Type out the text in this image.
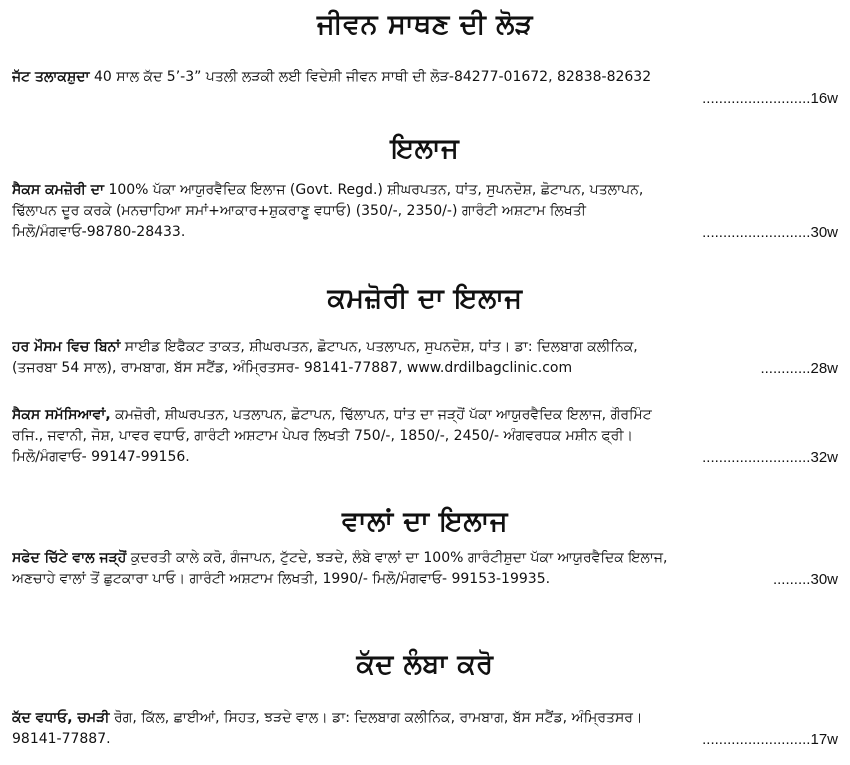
ਜੀਵਨ ਸਾਥਣ ਦੀ ਲੋੜ
ਜੱਟ ਤਲਾਕਸ਼ੁਦਾ 40 ਸਾਲ ਕੱਦ 5’-3” ਪਤਲੀ ਲੜਕੀ ਲਈ ਵਿਦੇਸ਼ੀ ਜੀਵਨ ਸਾਥੀ ਦੀ ਲੋੜ-84277-01672, 82838-82632
..........................16w
ਇਲਾਜ
ਸੈਕਸ ਕਮਜ਼ੋਰੀ ਦਾ 100% ਪੱਕਾ ਆਯੁਰਵੈਦਿਕ ਇਲਾਜ (Govt. Regd.) ਸ਼ੀਘਰਪਤਨ, ਧਾਂਤ, ਸੁਪਨਦੋਸ਼, ਛੋਟਾਪਨ, ਪਤਲਾਪਨ,
ਢਿੱਲਾਪਨ ਦੂਰ ਕਰਕੇ (ਮਨਚਾਹਿਆ ਸਮਾਂ+ਆਕਾਰ+ਸ਼ੁਕਰਾਣੂ ਵਧਾਓ) (350/-, 2350/-) ਗਾਰੰਟੀ ਅਸ਼ਟਾਮ ਲਿਖਤੀ
ਮਿਲੋ/ਮੰਗਵਾਓ-98780-28433.	..........................30w
ਕਮਜ਼ੋਰੀ ਦਾ ਇਲਾਜ
ਹਰ ਮੌਸਮ ਵਿਚ ਬਿਨਾਂ ਸਾਈਡ ਇਫੈਕਟ ਤਾਕਤ, ਸ਼ੀਘਰਪਤਨ, ਛੋਟਾਪਨ, ਪਤਲਾਪਨ, ਸੁਪਨਦੋਸ਼, ਧਾਂਤ। ਡਾ: ਦਿਲਬਾਗ ਕਲੀਨਿਕ,
(ਤਜਰਬਾ 54 ਸਾਲ), ਰਾਮਬਾਗ, ਬੱਸ ਸਟੈਂਡ, ਅੰਮ੍ਰਿਤਸਰ- 98141-77887, www.drdilbagclinic.com	............28w
ਸੈਕਸ ਸਮੱਸਿਆਵਾਂ, ਕਮਜ਼ੋਰੀ, ਸ਼ੀਘਰਪਤਨ, ਪਤਲਾਪਨ, ਛੋਟਾਪਨ, ਢਿੱਲਾਪਨ, ਧਾਂਤ ਦਾ ਜੜ੍ਹੋਂ ਪੱਕਾ ਆਯੁਰਵੈਦਿਕ ਇਲਾਜ, ਗੌਰਮਿੰਟ
ਰਜਿ., ਜਵਾਨੀ, ਜੋਸ਼, ਪਾਵਰ ਵਧਾਓ, ਗਾਰੰਟੀ ਅਸ਼ਟਾਮ ਪੇਪਰ ਲਿਖਤੀ 750/-, 1850/-, 2450/- ਅੰਗਵਰਧਕ ਮਸ਼ੀਨ ਫ੍ਰੀ।
ਮਿਲੋ/ਮੰਗਵਾਓ- 99147-99156.	..........................32w
ਵਾਲਾਂ ਦਾ ਇਲਾਜ
ਸਫੇਦ ਚਿੱਟੇ ਵਾਲ ਜੜ੍ਹੋਂ ਕੁਦਰਤੀ ਕਾਲੇ ਕਰੋ, ਗੰਜਾਪਨ, ਟੁੱਟਦੇ, ਝੜਦੇ, ਲੰਬੇ ਵਾਲਾਂ ਦਾ 100% ਗਾਰੰਟੀਸ਼ੁਦਾ ਪੱਕਾ ਆਯੁਰਵੈਦਿਕ ਇਲਾਜ,
ਅਣਚਾਹੇ ਵਾਲਾਂ ਤੋਂ ਛੁਟਕਾਰਾ ਪਾਓ। ਗਾਰੰਟੀ ਅਸ਼ਟਾਮ ਲਿਖਤੀ, 1990/- ਮਿਲੋ/ਮੰਗਵਾਓ- 99153-19935.	.........30w
ਕੱਦ ਲੰਬਾ ਕਰੋ
ਕੱਦ ਵਧਾਓ, ਚਮੜੀ ਰੋਗ, ਕਿੱਲ, ਛਾਈਆਂ, ਸਿਹਤ, ਝੜਦੇ ਵਾਲ। ਡਾ: ਦਿਲਬਾਗ ਕਲੀਨਿਕ, ਰਾਮਬਾਗ, ਬੱਸ ਸਟੈਂਡ, ਅੰਮ੍ਰਿਤਸਰ।
98141-77887.	..........................17w
